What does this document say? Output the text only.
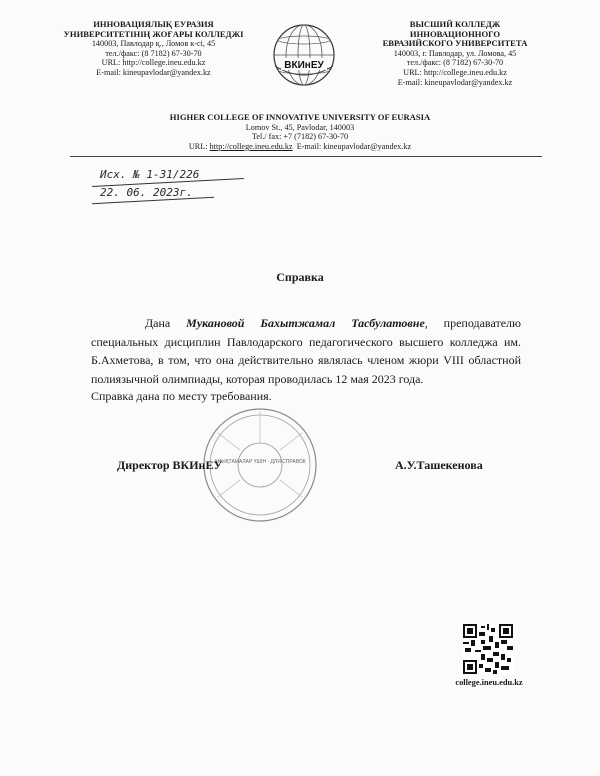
ИННОВАЦИЯЛЫҚ ЕУРАЗИЯ
УНИВЕРСИТЕТІНІҢ ЖОҒАРЫ КОЛЛЕДЖІ
140003, Павлодар қ., Ломов к-сі, 45
тел./факс: (8 7182) 67-30-70
URL: http://college.ineu.edu.kz
E-mail: kineupavlodar@yandex.kz
ВКИнЕУ
ВЫСШИЙ КОЛЛЕДЖ
ИННОВАЦИОННОГО
ЕВРАЗИЙСКОГО УНИВЕРСИТЕТА
140003, г. Павлодар, ул. Ломова, 45
тел./факс: (8 7182) 67-30-70
URL: http://college.ineu.edu.kz
E-mail: kineupavlodar@yandex.kz
HIGHER COLLEGE OF INNOVATIVE UNIVERSITY OF EURASIA
Lomov St., 45, Pavlodar, 140003
Tel./ fax: +7 (7182) 67-30-70
URL: http://college.ineu.edu.kz E-mail: kineupavlodar@yandex.kz
Исх. № 1-31/226
22. 06. 2023г.
Справка
Дана Мукановой Бахытжамал Тасбулатовне, преподавателю специальных дисциплин Павлодарского педагогического высшего колледжа им. Б.Ахметова, в том, что она действительно являлась членом жюри VIII областной полиязычной олимпиады, которая проводилась 12 мая 2023 года.
Справка дана по месту требования.
АНЫҚТАМАЛАР ҮШІН · ДЛЯ СПРАВОК
Директор ВКИнЕУ	А.У.Ташекенова
college.ineu.edu.kz
